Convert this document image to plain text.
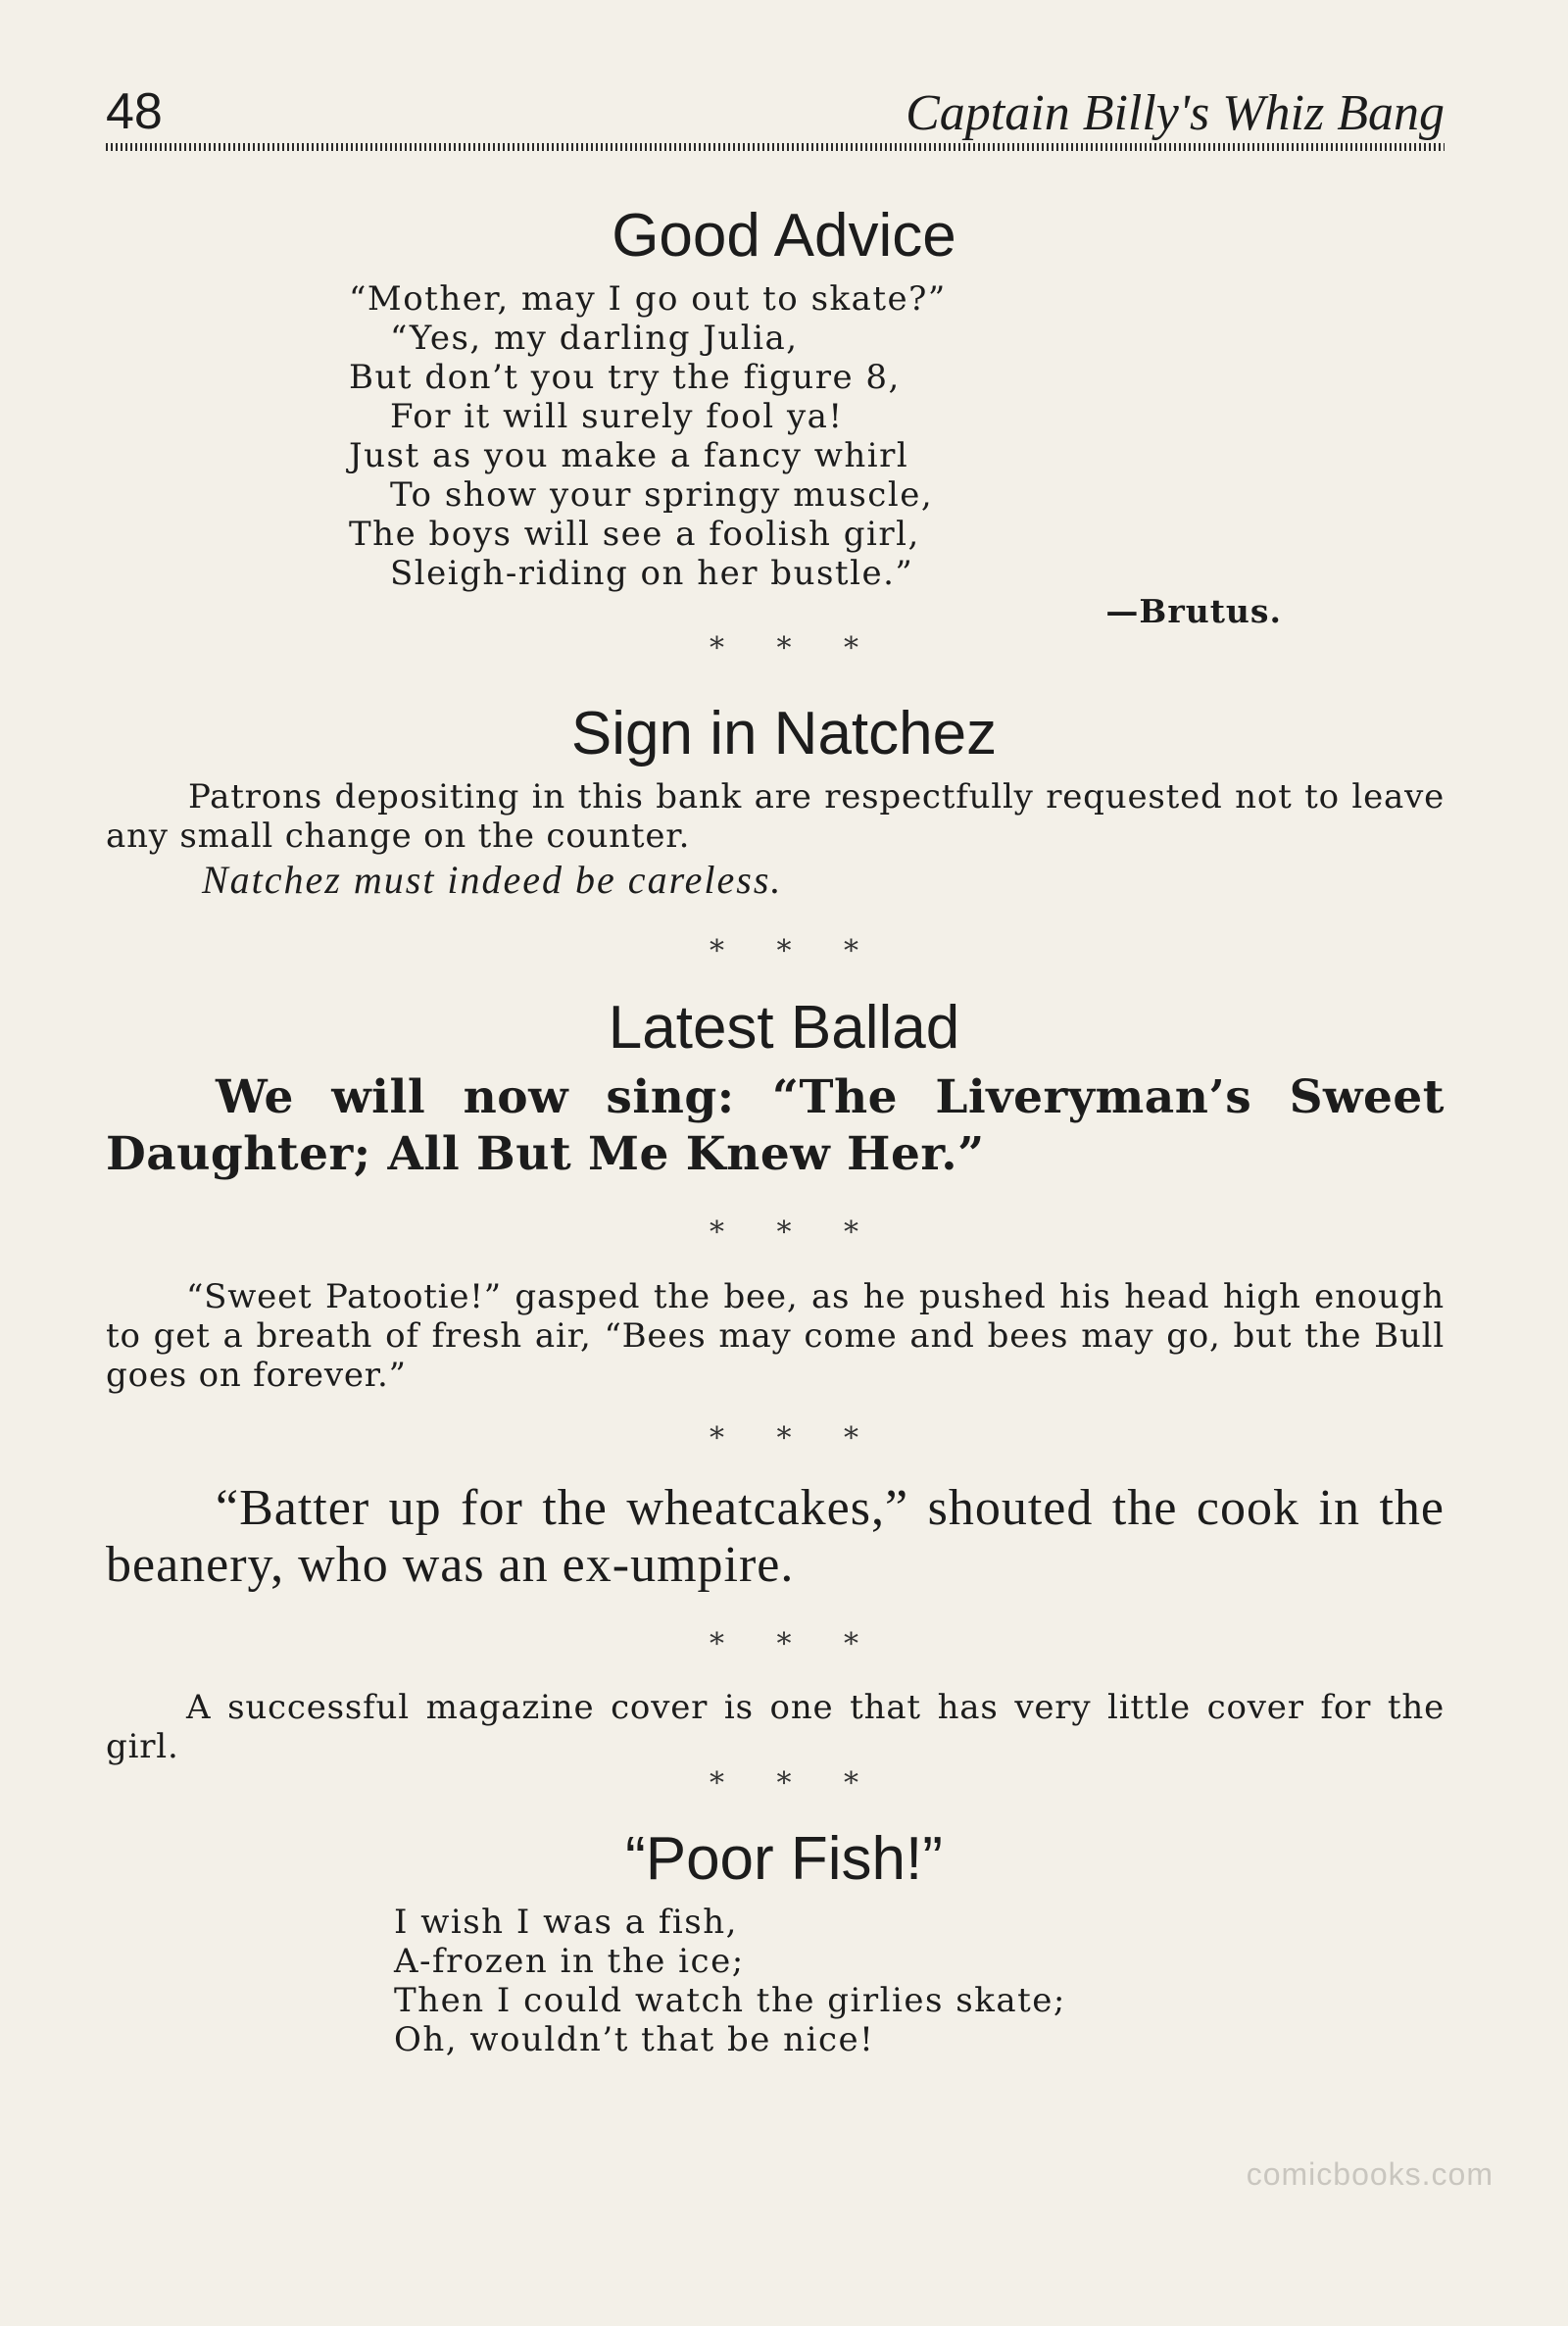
48	Captain Billy's Whiz Bang
Good Advice
“Mother, may I go out to skate?”
“Yes, my darling Julia,
But don’t you try the figure 8,
For it will surely fool ya!
Just as you make a fancy whirl
To show your springy muscle,
The boys will see a foolish girl,
Sleigh-riding on her bustle.”
—Brutus.
* * *
Sign in Natchez
Patrons depositing in this bank are respectfully requested not to leave any small change on the counter.
Natchez must indeed be careless.
* * *
Latest Ballad
We will now sing: “The Liveryman’s Sweet Daughter; All But Me Knew Her.”
* * *
“Sweet Patootie!” gasped the bee, as he pushed his head high enough to get a breath of fresh air, “Bees may come and bees may go, but the Bull goes on forever.”
* * *
“Batter up for the wheatcakes,” shouted the cook in the beanery, who was an ex-umpire.
* * *
A successful magazine cover is one that has very little cover for the girl.
* * *
“Poor Fish!”
I wish I was a fish,
A-frozen in the ice;
Then I could watch the girlies skate;
Oh, wouldn’t that be nice!
comicbooks.com
